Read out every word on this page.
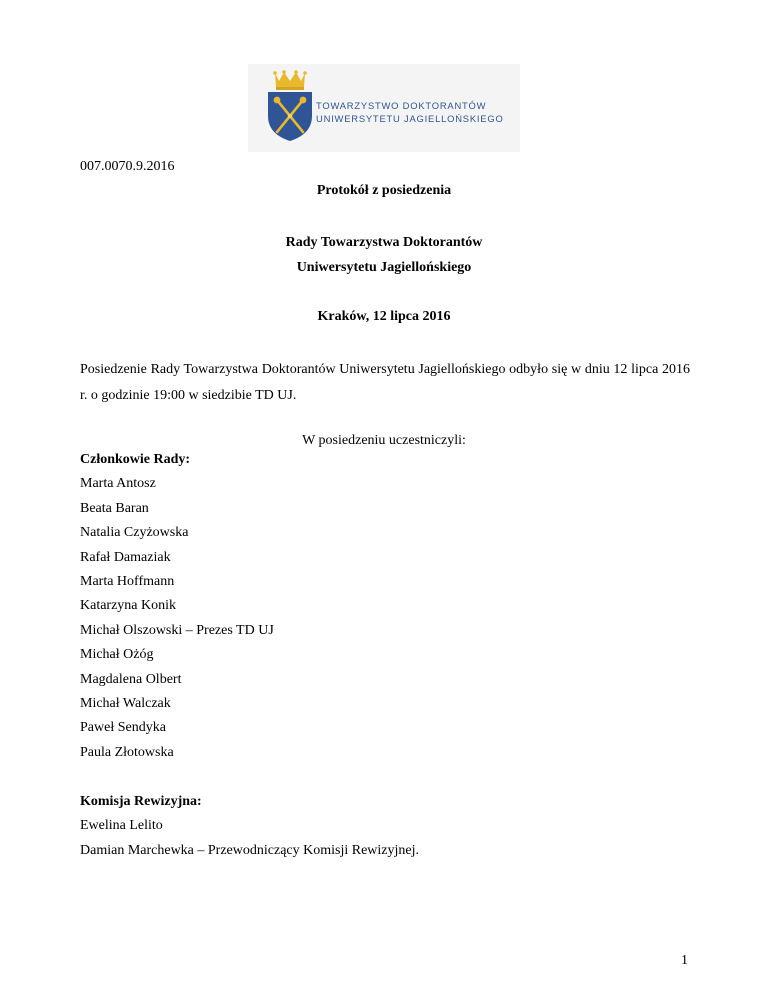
TOWARZYSTWO DOKTORANTÓW
UNIWERSYTETU JAGIELLOŃSKIEGO
007.0070.9.2016
Protokół z posiedzenia
Rady Towarzystwa Doktorantów
Uniwersytetu Jagiellońskiego
Kraków, 12 lipca 2016

Posiedzenie Rady Towarzystwa Doktorantów Uniwersytetu Jagiellońskiego odbyło się w dniu 12 lipca 2016 r. o godzinie 19:00 w siedzibie TD UJ.

W posiedzeniu uczestniczyli:
Członkowie Rady:
Marta Antosz
Beata Baran
Natalia Czyżowska
Rafał Damaziak
Marta Hoffmann
Katarzyna Konik
Michał Olszowski – Prezes TD UJ
Michał Ożóg
Magdalena Olbert
Michał Walczak
Paweł Sendyka
Paula Złotowska
Komisja Rewizyjna:
Ewelina Lelito
Damian Marchewka – Przewodniczący Komisji Rewizyjnej.
1
